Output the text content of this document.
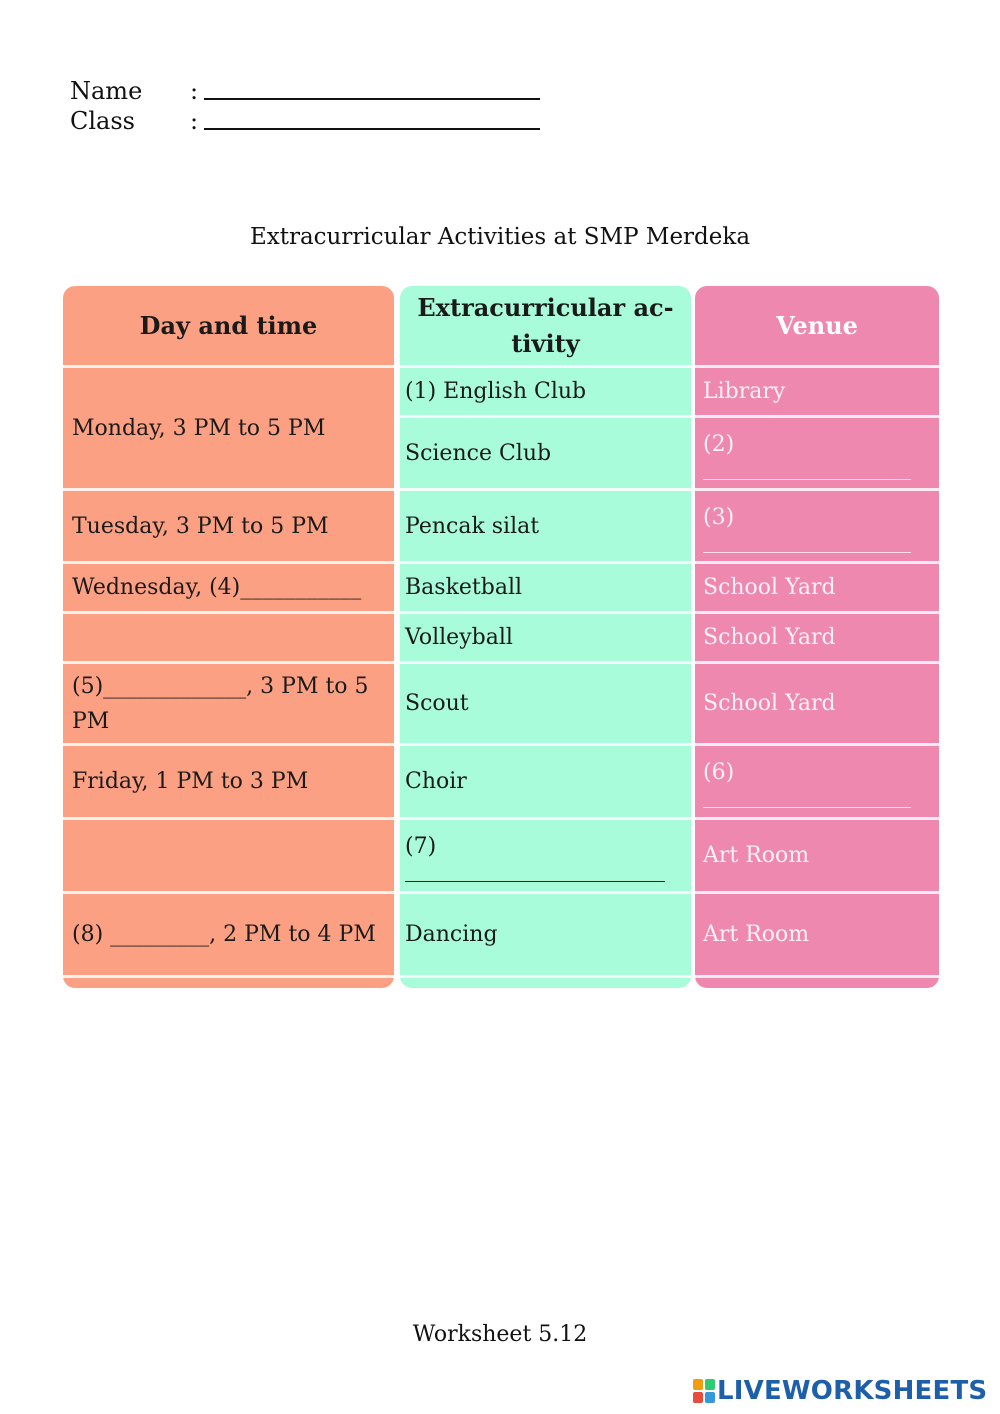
Name	:
Class	:
Extracurricular Activities at SMP Merdeka
Day and time
Extracurricular ac-
tivity
Venue
Monday, 3 PM to 5 PM
Tuesday, 3 PM to 5 PM
Wednesday, (4)___________
(5)_____________, 3 PM to 5 PM
Friday, 1 PM to 3 PM
(8) _________, 2 PM to 4 PM
(1) English Club
Science Club
Pencak silat
Basketball
Volleyball
Scout
Choir
(7)
Dancing
Library
(2)
(3)
School Yard
School Yard
School Yard
(6)
Art Room
Art Room
Worksheet 5.12
LIVEWORKSHEETS
